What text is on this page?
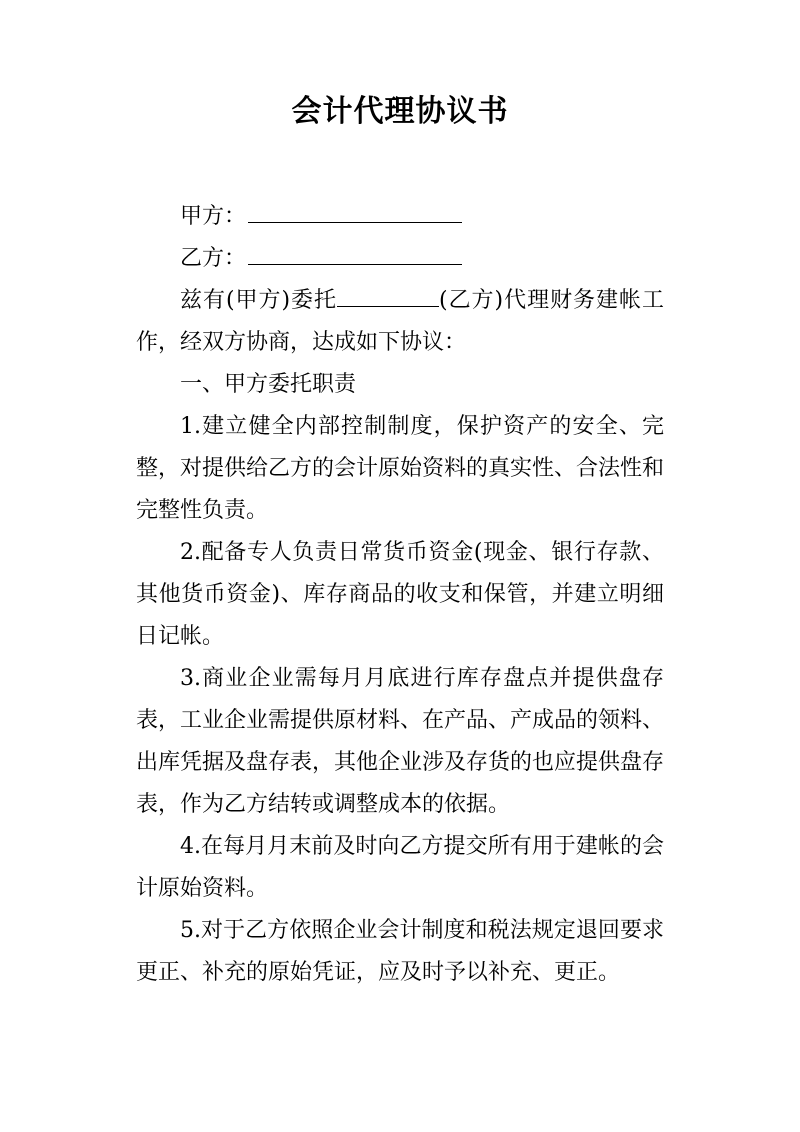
会计代理协议书
甲方：
乙方：

兹有(甲方)委托	(乙方)代理财务建帐工作，经双方协商，达成如下协议：

一、甲方委托职责

1.建立健全内部控制制度，保护资产的安全、完整，对提供给乙方的会计原始资料的真实性、合法性和完整性负责。

2.配备专人负责日常货币资金(现金、银行存款、其他货币资金)、库存商品的收支和保管，并建立明细日记帐。

3.商业企业需每月月底进行库存盘点并提供盘存表，工业企业需提供原材料、在产品、产成品的领料、出库凭据及盘存表，其他企业涉及存货的也应提供盘存表，作为乙方结转或调整成本的依据。

4.在每月月末前及时向乙方提交所有用于建帐的会计原始资料。

5.对于乙方依照企业会计制度和税法规定退回要求更正、补充的原始凭证，应及时予以补充、更正。
